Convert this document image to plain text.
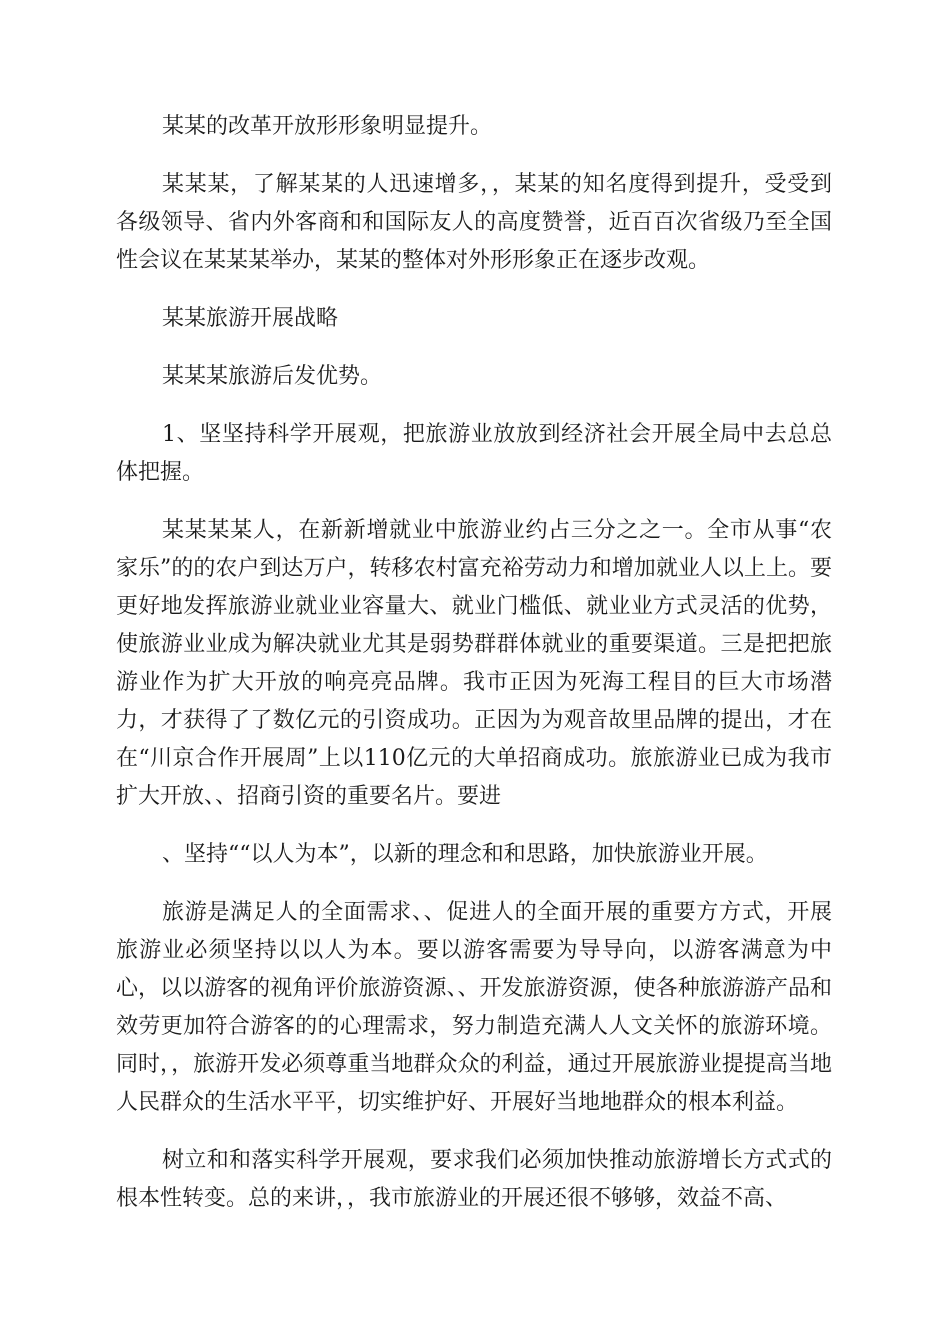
某某的改革开放形形象明显提升。

某某某，了解某某的人迅速增多，，某某的知名度得到提升，受受到各级领导、省内外客商和和国际友人的高度赞誉，近百百次省级乃至全国性会议在某某某举办，某某的整体对外形形象正在逐步改观。

某某旅游开展战略

某某某旅游后发优势。

1、坚坚持科学开展观，把旅游业放放到经济社会开展全局中去总总体把握。

某某某某人，在新新增就业中旅游业约占三分之之一。全市从事“农家乐”的的农户到达万户，转移农村富充裕劳动力和增加就业人以上上。要更好地发挥旅游业就业业容量大、就业门槛低、就业业方式灵活的优势，使旅游业业成为解决就业尤其是弱势群群体就业的重要渠道。三是把把旅游业作为扩大开放的响亮亮品牌。我市正因为死海工程目的巨大市场潜力，才获得了了数亿元的引资成功。正因为为观音故里品牌的提出，才在在“川京合作开展周”上以110亿元的大单招商成功。旅旅游业已成为我市扩大开放、、招商引资的重要名片。要进

、坚持““以人为本”，以新的理念和和思路，加快旅游业开展。

旅游是满足人的全面需求、、促进人的全面开展的重要方方式，开展旅游业必须坚持以以人为本。要以游客需要为导导向，以游客满意为中心，以以游客的视角评价旅游资源、、开发旅游资源，使各种旅游游产品和效劳更加符合游客的的心理需求，努力制造充满人人文关怀的旅游环境。同时，，旅游开发必须尊重当地群众众的利益，通过开展旅游业提提高当地人民群众的生活水平平，切实维护好、开展好当地地群众的根本利益。

树立和和落实科学开展观，要求我们必须加快推动旅游增长方式式的根本性转变。总的来讲，，我市旅游业的开展还很不够够，效益不高、
